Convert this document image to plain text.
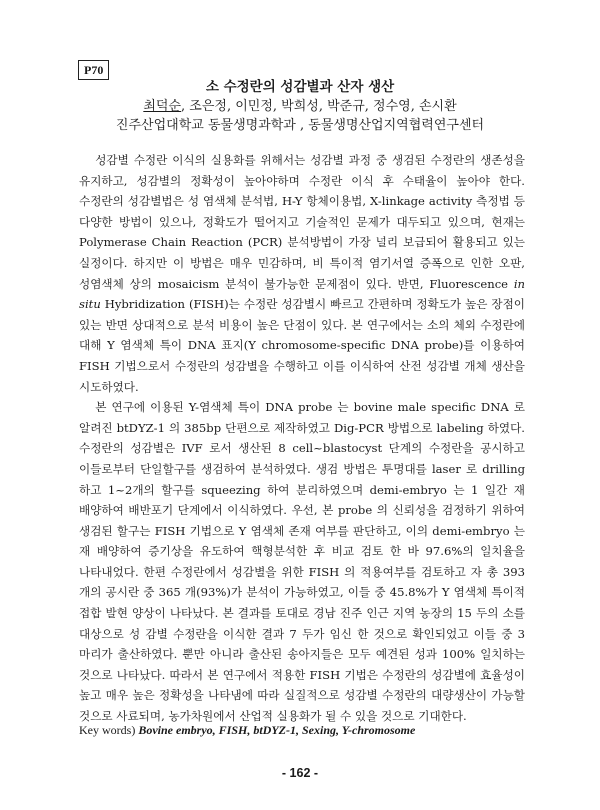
P70
소 수정란의 성감별과 산자 생산
최덕순, 조은정, 이민정, 박희성, 박준규, 정수영, 손시환
진주산업대학교 동물생명과학과 , 동물생명산업지역협력연구센터

성감별 수정란 이식의 실용화를 위해서는 성감별 과정 중 생검된 수정란의 생존성을 유지하고, 성감별의 정확성이 높아야하며 수정란 이식 후 수태율이 높아야 한다. 수정란의 성감별법은 성 염색체 분석법, H-Y 항체이용법, X-linkage activity 측정법 등 다양한 방법이 있으나, 정확도가 떨어지고 기술적인 문제가 대두되고 있으며, 현재는 Polymerase Chain Reaction (PCR) 분석방법이 가장 널리 보급되어 활용되고 있는 실정이다. 하지만 이 방법은 매우 민감하며, 비 특이적 염기서열 증폭으로 인한 오판, 성염색체 상의 mosaicism 분석이 불가능한 문제점이 있다. 반면, Fluorescence in situ Hybridization (FISH)는 수정란 성감별시 빠르고 간편하며 정확도가 높은 장점이 있는 반면 상대적으로 분석 비용이 높은 단점이 있다. 본 연구에서는 소의 체외 수정란에 대해 Y 염색체 특이 DNA 표지(Y chromosome-specific DNA probe)를 이용하여 FISH 기법으로서 수정란의 성감별을 수행하고 이를 이식하여 산전 성감별 개체 생산을 시도하였다.

본 연구에 이용된 Y-염색체 특이 DNA probe 는 bovine male specific DNA 로 알려진 btDYZ-1 의 385bp 단편으로 제작하였고 Dig-PCR 방법으로 labeling 하였다. 수정란의 성감별은 IVF 로서 생산된 8 cell~blastocyst 단계의 수정란을 공시하고 이들로부터 단일할구를 생검하여 분석하였다. 생검 방법은 투명대를 laser 로 drilling 하고 1~2개의 할구를 squeezing 하여 분리하였으며 demi-embryo 는 1 일간 재 배양하여 배반포기 단계에서 이식하였다. 우선, 본 probe 의 신뢰성을 검정하기 위하여 생검된 할구는 FISH 기법으로 Y 염색체 존재 여부를 판단하고, 이의 demi-embryo 는 재 배양하여 증기상을 유도하여 핵형분석한 후 비교 검토 한 바 97.6%의 일치율을 나타내었다. 한편 수정란에서 성감별을 위한 FISH 의 적용여부를 검토하고 자 총 393 개의 공시란 중 365 개(93%)가 분석이 가능하였고, 이들 중 45.8%가 Y 염색체 특이적 접합 발현 양상이 나타났다. 본 결과를 토대로 경남 진주 인근 지역 농장의 15 두의 소를 대상으로 성 감별 수정란을 이식한 결과 7 두가 임신 한 것으로 확인되었고 이들 중 3 마리가 출산하였다. 뿐만 아니라 출산된 송아지들은 모두 예견된 성과 100% 일치하는 것으로 나타났다. 따라서 본 연구에서 적용한 FISH 기법은 수정란의 성감별에 효율성이 높고 매우 높은 정확성을 나타냄에 따라 실질적으로 성감별 수정란의 대량생산이 가능할 것으로 사료되며, 농가차원에서 산업적 실용화가 될 수 있을 것으로 기대한다.

Key words) Bovine embryo, FISH, btDYZ-1, Sexing, Y-chromosome
- 162 -
